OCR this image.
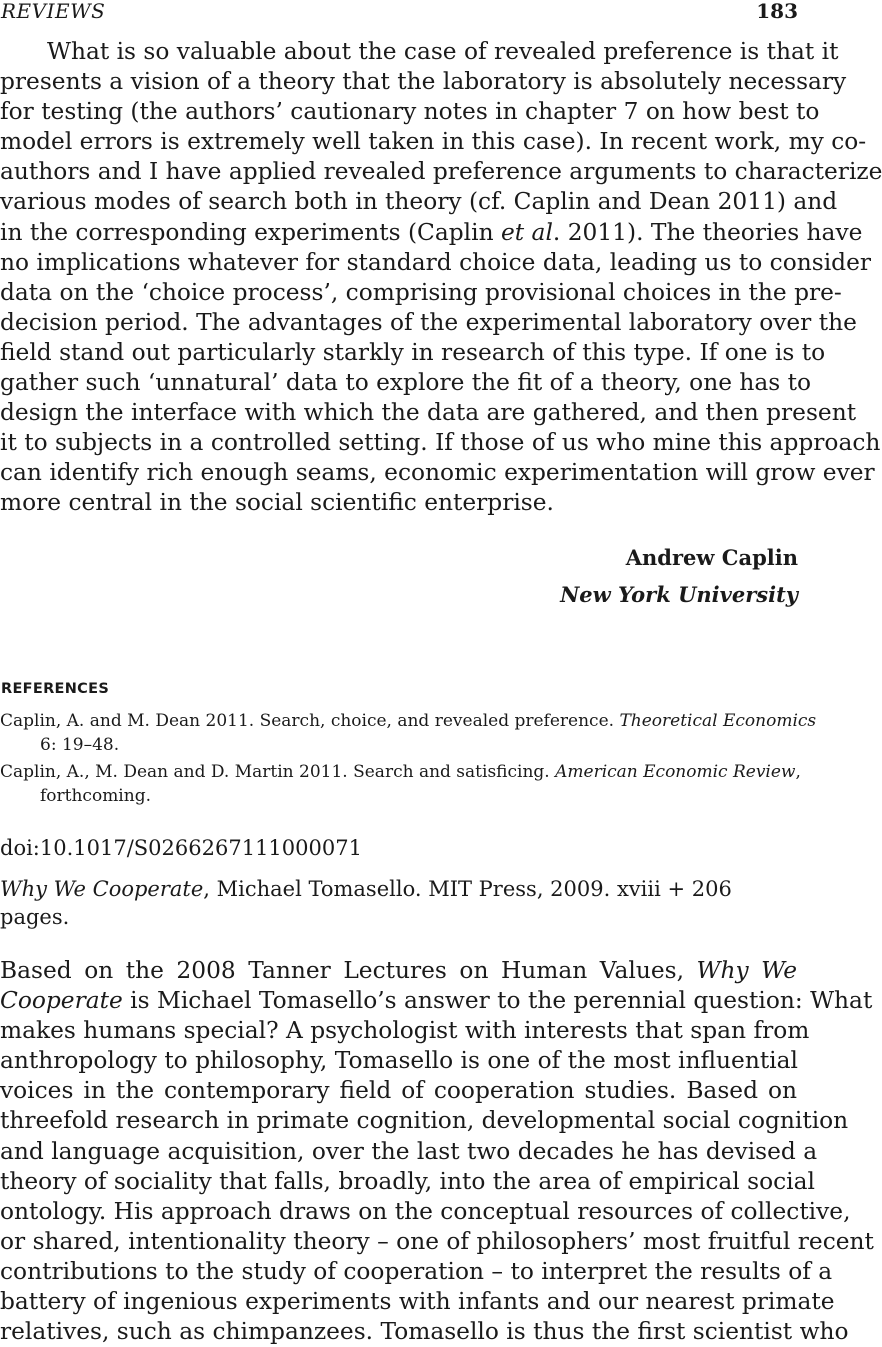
REVIEWS	183
What is so valuable about the case of revealed preference is that it
presents a vision of a theory that the laboratory is absolutely necessary
for testing (the authors’ cautionary notes in chapter 7 on how best to
model errors is extremely well taken in this case). In recent work, my co-
authors and I have applied revealed preference arguments to characterize
various modes of search both in theory (cf. Caplin and Dean 2011) and
in the corresponding experiments (Caplin et al. 2011). The theories have
no implications whatever for standard choice data, leading us to consider
data on the ‘choice process’, comprising provisional choices in the pre-
decision period. The advantages of the experimental laboratory over the
field stand out particularly starkly in research of this type. If one is to
gather such ‘unnatural’ data to explore the fit of a theory, one has to
design the interface with which the data are gathered, and then present
it to subjects in a controlled setting. If those of us who mine this approach
can identify rich enough seams, economic experimentation will grow ever
more central in the social scientific enterprise.
Andrew Caplin
New York University
REFERENCES
Caplin, A. and M. Dean 2011. Search, choice, and revealed preference. Theoretical Economics
6: 19–48.
Caplin, A., M. Dean and D. Martin 2011. Search and satisficing. American Economic Review,
forthcoming.
doi:10.1017/S0266267111000071
Why We Cooperate, Michael Tomasello. MIT Press, 2009. xviii + 206 pages.
Based on the 2008 Tanner Lectures on Human Values, Why We
Cooperate is Michael Tomasello’s answer to the perennial question: What
makes humans special? A psychologist with interests that span from
anthropology to philosophy, Tomasello is one of the most influential
voices in the contemporary field of cooperation studies. Based on
threefold research in primate cognition, developmental social cognition
and language acquisition, over the last two decades he has devised a
theory of sociality that falls, broadly, into the area of empirical social
ontology. His approach draws on the conceptual resources of collective,
or shared, intentionality theory – one of philosophers’ most fruitful recent
contributions to the study of cooperation – to interpret the results of a
battery of ingenious experiments with infants and our nearest primate
relatives, such as chimpanzees. Tomasello is thus the first scientist who
